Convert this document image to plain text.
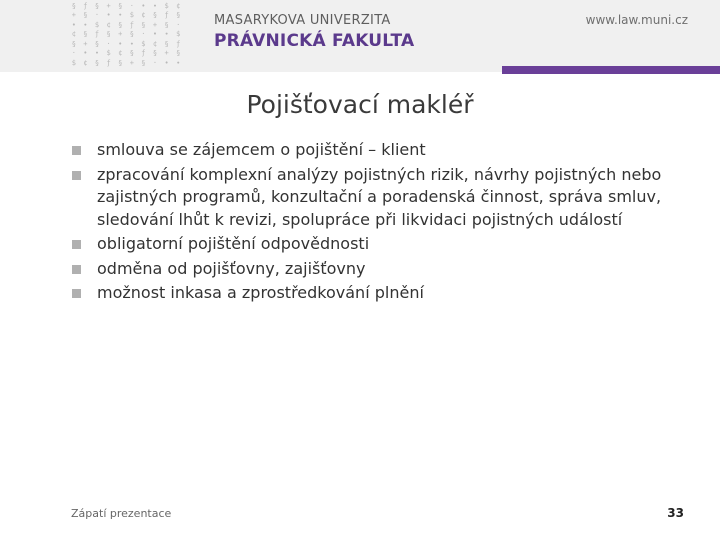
§	ƒ	§	+	§	·	•	∙	$	¢
+	§	·	•	∙	$	¢	§	ƒ	§
•	∙	$	¢	§	ƒ	§	+	§	·
¢	§	ƒ	§	+	§	·	•	∙	$
§	+	§	·	•	∙	$	¢	§	ƒ
·	•	∙	$	¢	§	ƒ	§	+	§
$	¢	§	ƒ	§	+	§	·	•	∙
MASARYKOVA UNIVERZITA
PRÁVNICKÁ FAKULTA
www.law.muni.cz
Pojišťovací makléř
smlouva se zájemcem o pojištění – klient
zpracování komplexní analýzy pojistných rizik, návrhy pojistných nebo zajistných programů, konzultační a poradenská činnost, správa smluv, sledování lhůt k revizi, spolupráce při likvidaci pojistných událostí
obligatorní pojištění odpovědnosti
odměna od pojišťovny, zajišťovny
možnost inkasa a zprostředkování plnění
Zápatí prezentace	33
